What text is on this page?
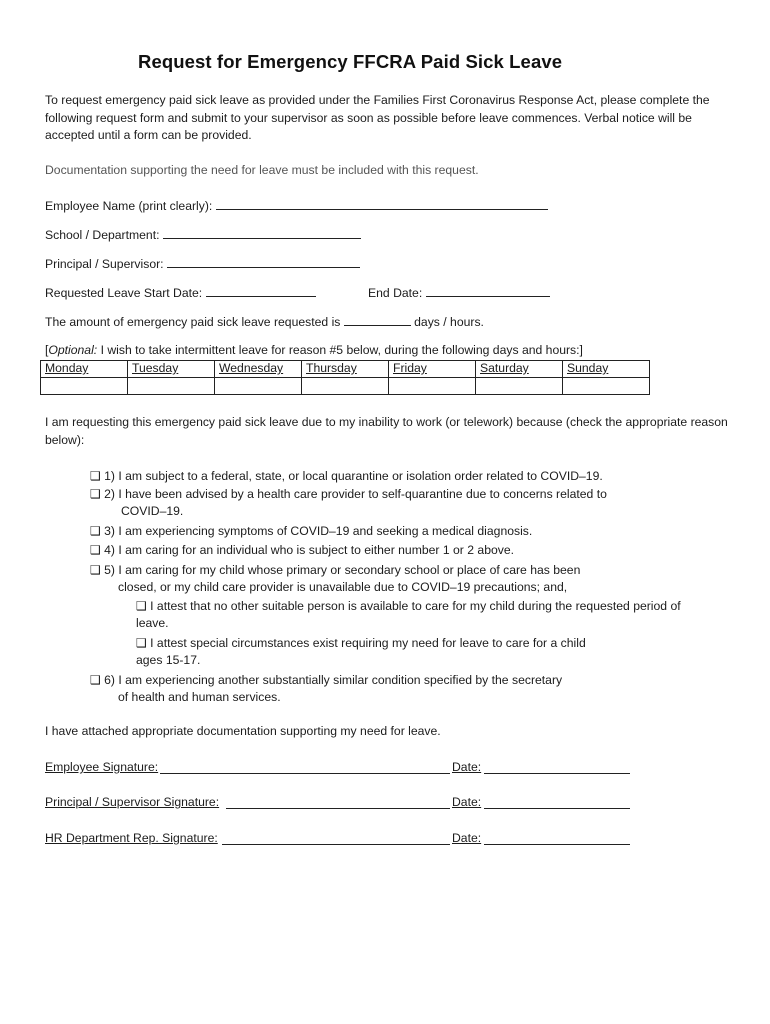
Request for Emergency FFCRA Paid Sick Leave
To request emergency paid sick leave as provided under the Families First Coronavirus Response Act, please complete the following request form and submit to your supervisor as soon as possible before leave commences. Verbal notice will be accepted until a form can be provided.
Documentation supporting the need for leave must be included with this request.
Employee Name (print clearly):
School / Department:
Principal / Supervisor:
Requested Leave Start Date:	End Date:
The amount of emergency paid sick leave requested is	days / hours.
[Optional: I wish to take intermittent leave for reason #5 below, during the following days and hours:]
Monday	Tuesday	Wednesday	Thursday	Friday	Saturday	Sunday

I am requesting this emergency paid sick leave due to my inability to work (or telework) because (check the appropriate reason below):
❑ 1) I am subject to a federal, state, or local quarantine or isolation order related to COVID–19.
❑ 2) I have been advised by a health care provider to self-quarantine due to concerns related to
COVID–19.
❑ 3) I am experiencing symptoms of COVID–19 and seeking a medical diagnosis.
❑ 4) I am caring for an individual who is subject to either number 1 or 2 above.
❑ 5) I am caring for my child whose primary or secondary school or place of care has been
closed, or my child care provider is unavailable due to COVID–19 precautions; and,
❑ I attest that no other suitable person is available to care for my child during the requested period of
leave.
❑ I attest special circumstances exist requiring my need for leave to care for a child
ages 15-17.
❑ 6) I am experiencing another substantially similar condition specified by the secretary
of health and human services.
I have attached appropriate documentation supporting my need for leave.
Employee Signature:	Date:
Principal / Supervisor Signature:	Date:
HR Department Rep. Signature:	Date:
